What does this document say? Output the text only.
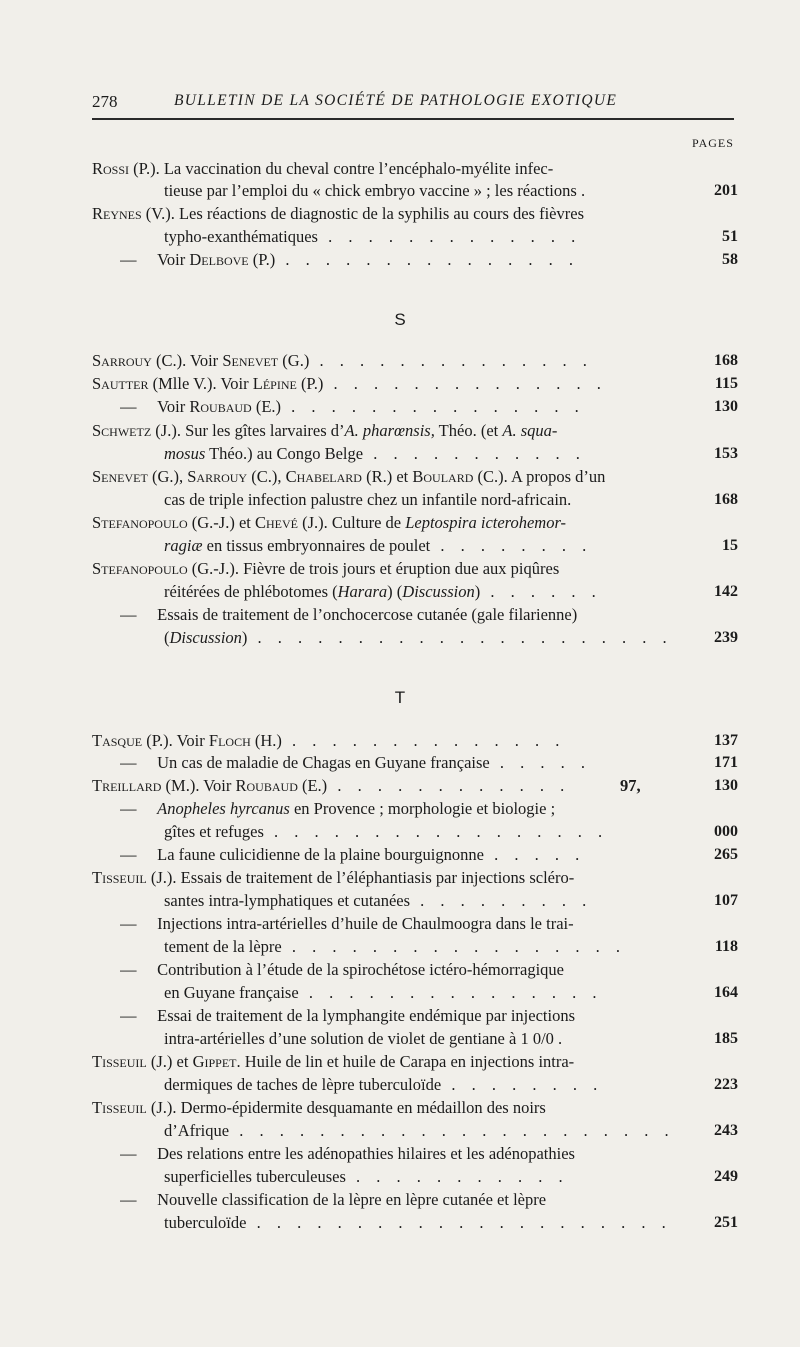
278	BULLETIN DE LA SOCIÉTÉ DE PATHOLOGIE EXOTIQUE
PAGES
Rossi (P.). La vaccination du cheval contre l’encéphalo-myélite infec-
tieuse par l’emploi du « chick embryo vaccine » ; les réactions .	201
Reynes (V.). Les réactions de diagnostic de la syphilis au cours des fièvres
typho-exanthématiques . . . . . . . . . . . . .	51
— Voir Delbove (P.) . . . . . . . . . . . . . . .	58
S
Sarrouy (C.). Voir Senevet (G.) . . . . . . . . . . . . . .	168
Sautter (Mlle V.). Voir Lépine (P.) . . . . . . . . . . . . . .	115
— Voir Roubaud (E.) . . . . . . . . . . . . . . .	130
Schwetz (J.). Sur les gîtes larvaires d’A. pharœnsis, Théo. (et A. squa-
mosus Théo.) au Congo Belge . . . . . . . . . . .	153
Senevet (G.), Sarrouy (C.), Chabelard (R.) et Boulard (C.). A propos d’un
cas de triple infection palustre chez un infantile nord-africain.	168
Stefanopoulo (G.-J.) et Chevé (J.). Culture de Leptospira icterohemor-
ragiæ en tissus embryonnaires de poulet . . . . . . . .	15
Stefanopoulo (G.-J.). Fièvre de trois jours et éruption due aux piqûres
réitérées de phlébotomes (Harara) (Discussion) . . . . . .	142
— Essais de traitement de l’onchocercose cutanée (gale filarienne)
(Discussion) . . . . . . . . . . . . . . . . . . . . .	239
T
Tasque (P.). Voir Floch (H.) . . . . . . . . . . . . . .	137
— Un cas de maladie de Chagas en Guyane française . . . . .	171
Treillard (M.). Voir Roubaud (E.) . . . . . . . . . . . .	97,	130
— Anopheles hyrcanus en Provence ; morphologie et biologie ;
gîtes et refuges . . . . . . . . . . . . . . . . .	000
— La faune culicidienne de la plaine bourguignonne . . . . .	265
Tisseuil (J.). Essais de traitement de l’éléphantiasis par injections scléro-
santes intra-lymphatiques et cutanées . . . . . . . . .	107
— Injections intra-artérielles d’huile de Chaulmoogra dans le trai-
tement de la lèpre . . . . . . . . . . . . . . . . .	118
— Contribution à l’étude de la spirochétose ictéro-hémorragique
en Guyane française . . . . . . . . . . . . . . .	164
— Essai de traitement de la lymphangite endémique par injections
intra-artérielles d’une solution de violet de gentiane à 1 0/0 .	185
Tisseuil (J.) et Gippet. Huile de lin et huile de Carapa en injections intra-
dermiques de taches de lèpre tuberculoïde . . . . . . . .	223
Tisseuil (J.). Dermo-épidermite desquamante en médaillon des noirs
d’Afrique . . . . . . . . . . . . . . . . . . . . . .	243
— Des relations entre les adénopathies hilaires et les adénopathies
superficielles tuberculeuses . . . . . . . . . . .	249
— Nouvelle classification de la lèpre en lèpre cutanée et lèpre
tuberculoïde . . . . . . . . . . . . . . . . . . . . .	251
